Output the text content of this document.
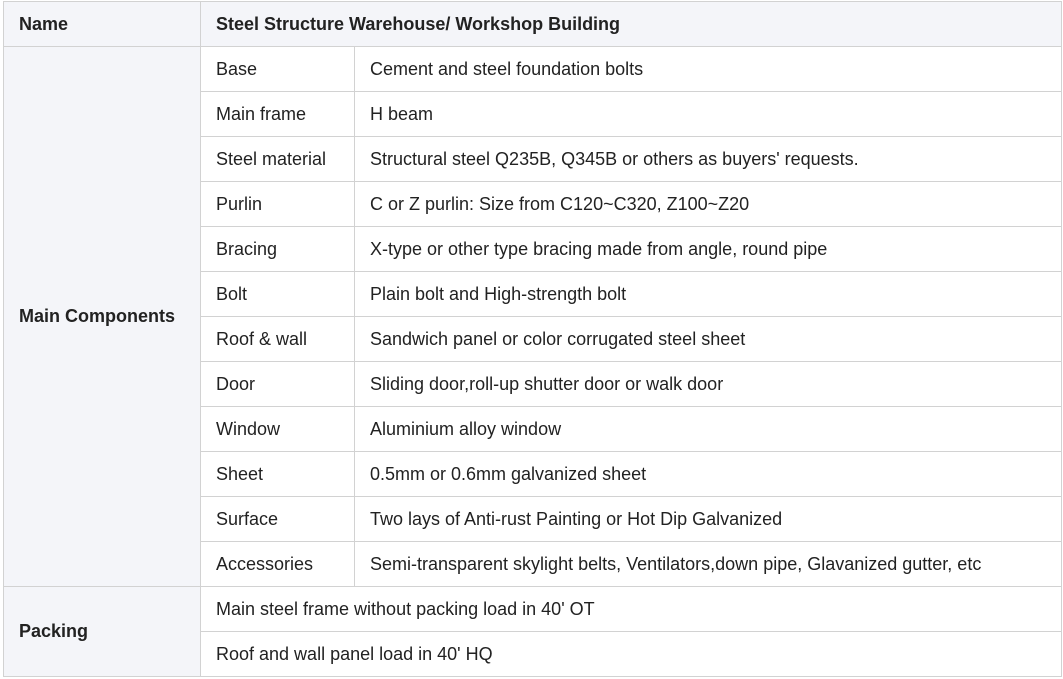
Name	Steel Structure Warehouse/ Workshop Building	
Main Components	Base	Cement and steel foundation bolts
	Main frame	H beam
	Steel material	Structural steel Q235B, Q345B or others as buyers' requests.
	Purlin	C or Z purlin: Size from C120~C320, Z100~Z20
	Bracing	X-type or other type bracing made from angle, round pipe
	Bolt	Plain bolt and High-strength bolt
	Roof & wall	Sandwich panel or color corrugated steel sheet
	Door	Sliding door,roll-up shutter door or walk door
	Window	Aluminium alloy window
	Sheet	0.5mm or 0.6mm galvanized sheet
	Surface	Two lays of Anti-rust Painting or Hot Dip Galvanized
	Accessories	Semi-transparent skylight belts, Ventilators,down pipe, Glavanized gutter, etc
Packing	Main steel frame without packing load in 40' OT	
	Roof and wall panel load in 40' HQ	
